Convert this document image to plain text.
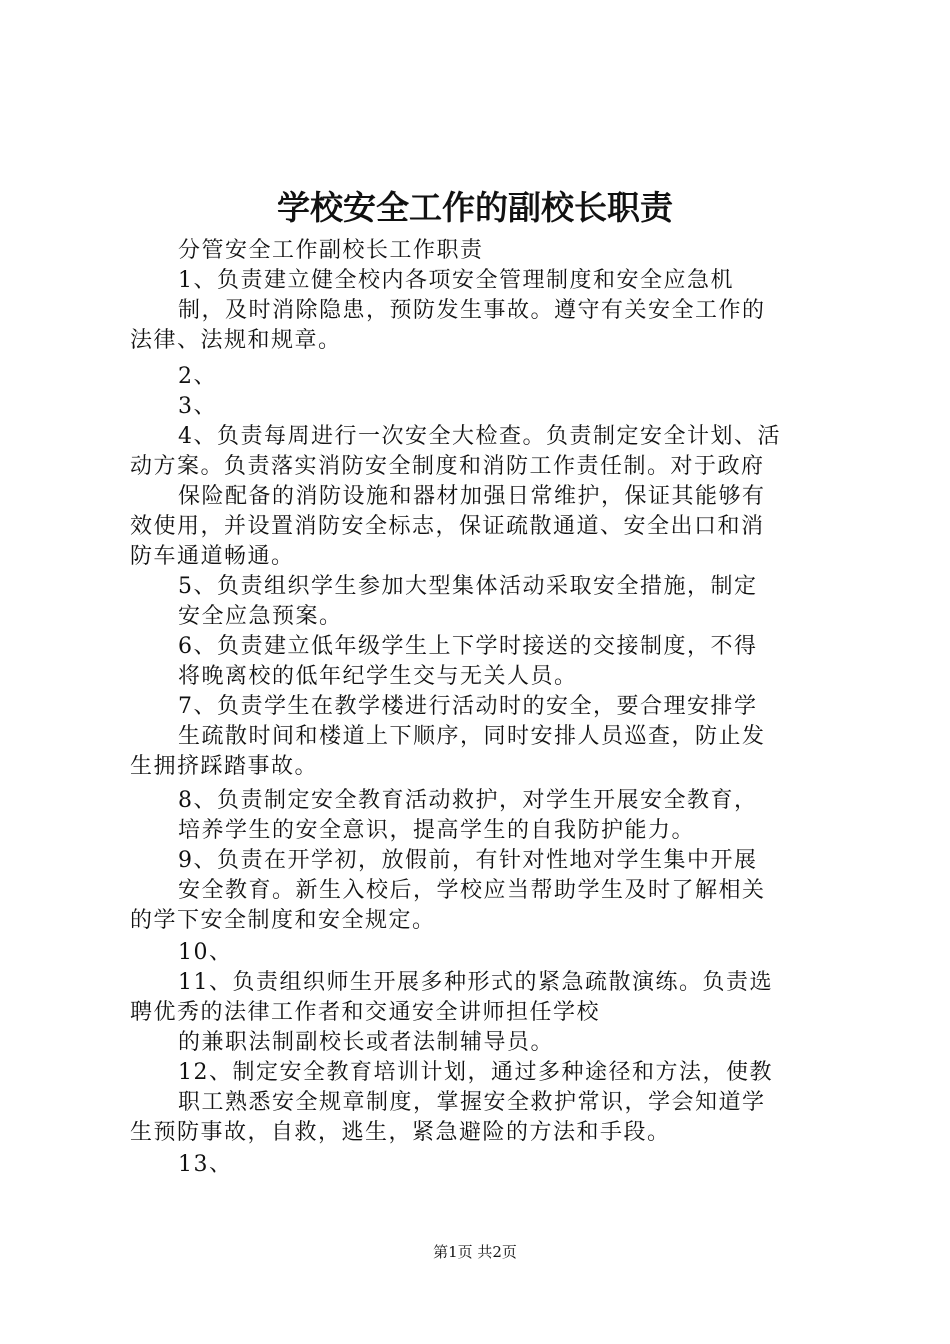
学校安全工作的副校长职责
分管安全工作副校长工作职责
1、负责建立健全校内各项安全管理制度和安全应急机
制，及时消除隐患，预防发生事故。遵守有关安全工作的
法律、法规和规章。
2、
3、
4、负责每周进行一次安全大检查。负责制定安全计划、活
动方案。负责落实消防安全制度和消防工作责任制。对于政府
保险配备的消防设施和器材加强日常维护，保证其能够有
效使用，并设置消防安全标志，保证疏散通道、安全出口和消
防车通道畅通。
5、负责组织学生参加大型集体活动采取安全措施，制定
安全应急预案。
6、负责建立低年级学生上下学时接送的交接制度，不得
将晚离校的低年纪学生交与无关人员。
7、负责学生在教学楼进行活动时的安全，要合理安排学
生疏散时间和楼道上下顺序，同时安排人员巡查，防止发
生拥挤踩踏事故。
8、负责制定安全教育活动救护，对学生开展安全教育，
培养学生的安全意识，提高学生的自我防护能力。
9、负责在开学初，放假前，有针对性地对学生集中开展
安全教育。新生入校后，学校应当帮助学生及时了解相关
的学下安全制度和安全规定。
10、
11、负责组织师生开展多种形式的紧急疏散演练。负责选
聘优秀的法律工作者和交通安全讲师担任学校
的兼职法制副校长或者法制辅导员。
12、制定安全教育培训计划，通过多种途径和方法，使教
职工熟悉安全规章制度，掌握安全救护常识，学会知道学
生预防事故，自救，逃生，紧急避险的方法和手段。
13、
第1页 共2页
